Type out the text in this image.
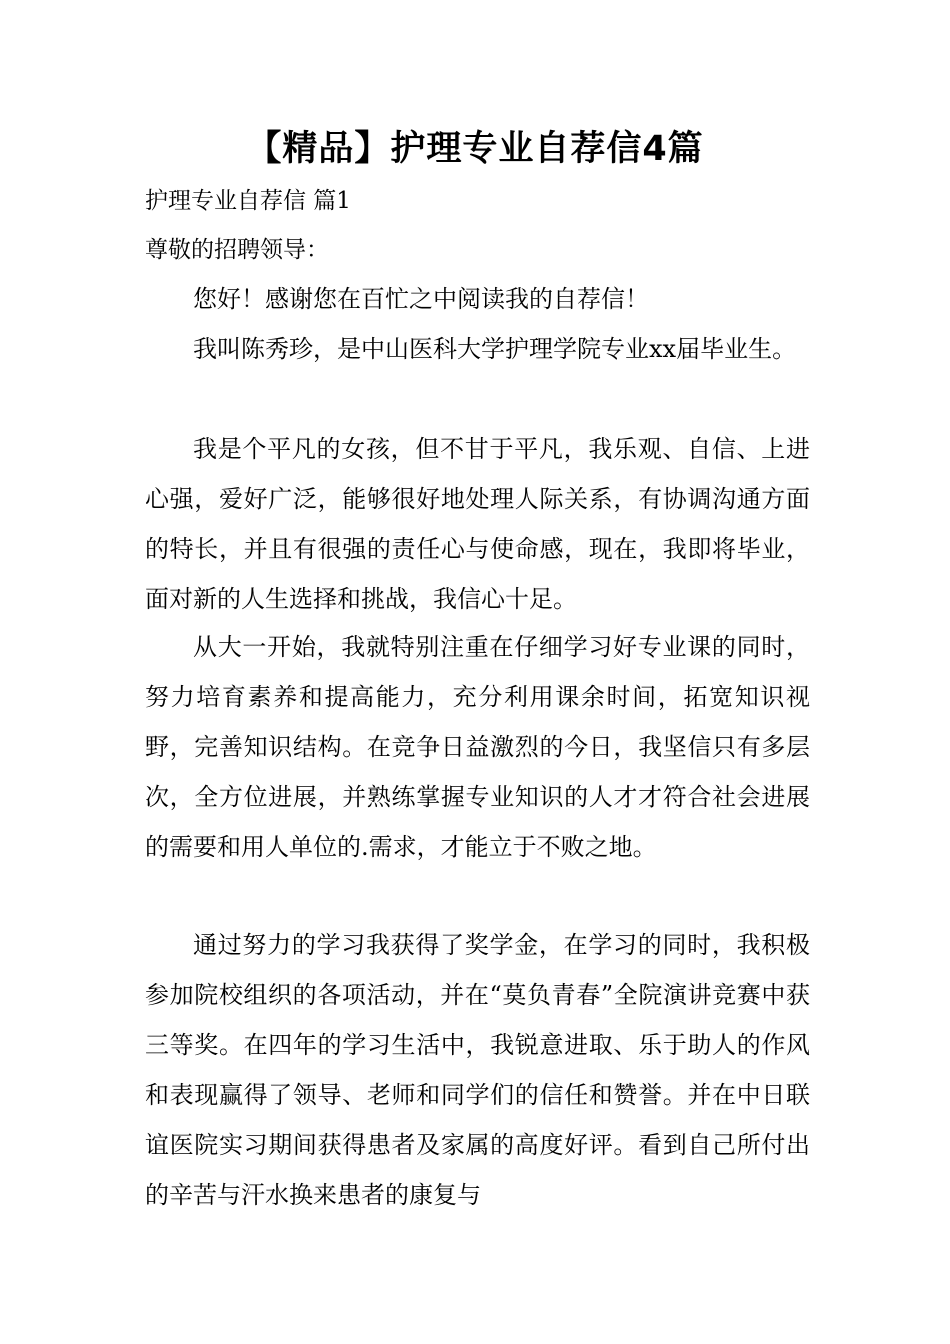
【精品】护理专业自荐信4篇

护理专业自荐信 篇1

尊敬的招聘领导：

您好！感谢您在百忙之中阅读我的自荐信！

我叫陈秀珍，是中山医科大学护理学院专业xx届毕业生。

我是个平凡的女孩，但不甘于平凡，我乐观、自信、上进心强，爱好广泛，能够很好地处理人际关系，有协调沟通方面的特长，并且有很强的责任心与使命感，现在，我即将毕业，面对新的人生选择和挑战，我信心十足。

从大一开始，我就特别注重在仔细学习好专业课的同时，努力培育素养和提高能力，充分利用课余时间，拓宽知识视野，完善知识结构。在竞争日益激烈的今日，我坚信只有多层次，全方位进展，并熟练掌握专业知识的人才才符合社会进展的需要和用人单位的.需求，才能立于不败之地。

通过努力的学习我获得了奖学金，在学习的同时，我积极参加院校组织的各项活动，并在“莫负青春”全院演讲竞赛中获三等奖。在四年的学习生活中，我锐意进取、乐于助人的作风和表现赢得了领导、老师和同学们的信任和赞誉。并在中日联谊医院实习期间获得患者及家属的高度好评。看到自己所付出的辛苦与汗水换来患者的康复与
